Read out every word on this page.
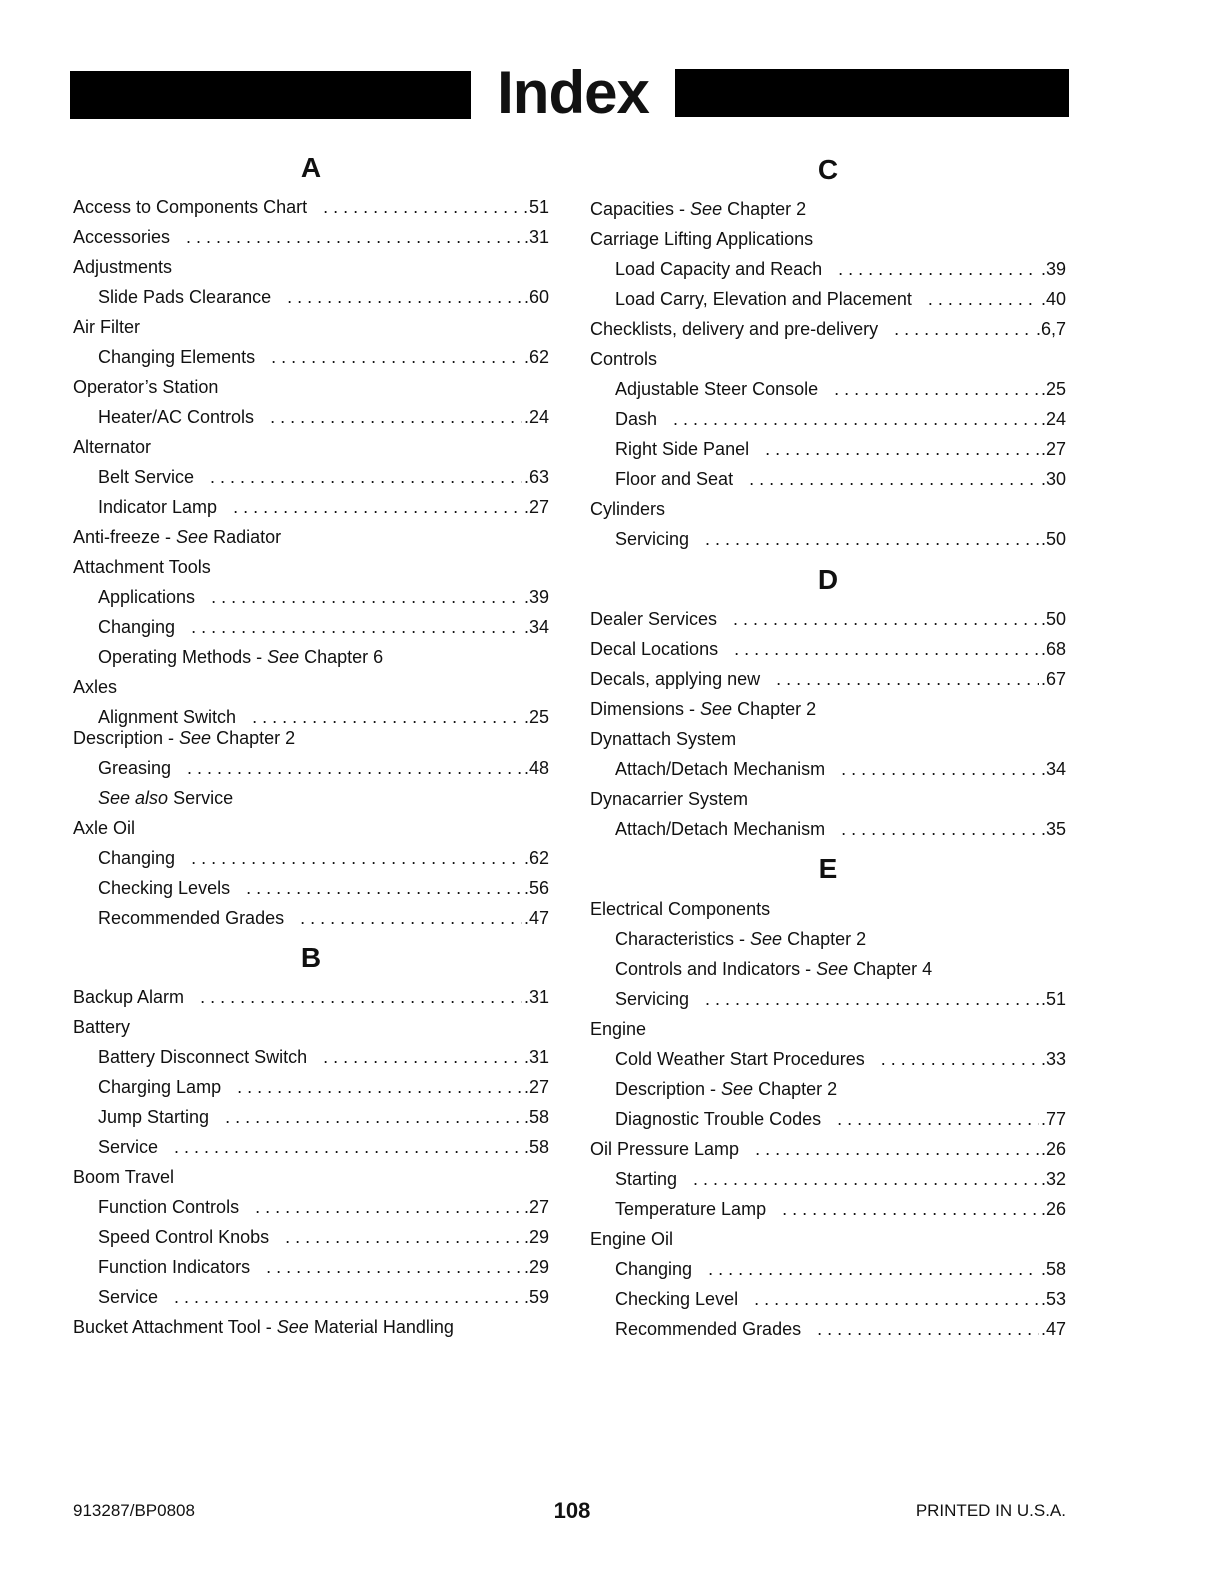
Index
A
Access to Components Chart . . .	51
Accessories . . .	.31
Adjustments
Slide Pads Clearance . . .	.60
Air Filter
Changing Elements . . .	.62
Operator’s Station
Heater/AC Controls . . .	.24
Alternator
Belt Service . . .	.63
Indicator Lamp . . .	.27
Anti-freeze - See Radiator
Attachment Tools
Applications . . .	.39
Changing . . .	.34
Operating Methods - See Chapter 6
Axles
Alignment Switch . . .	.25
Description - See Chapter 2
Greasing . . .	.48
See also Service
Axle Oil
Changing . . .	.62
Checking Levels . . .	.56
Recommended Grades . . .	.47
B
Backup Alarm . . .	.31
Battery
Battery Disconnect Switch . . .	.31
Charging Lamp . . .	.27
Jump Starting . . .	.58
Service . . .	.58
Boom Travel
Function Controls . . .	.27
Speed Control Knobs . . .	.29
Function Indicators . . .	.29
Service . . .	.59
Bucket Attachment Tool - See Material Handling
C
Capacities - See Chapter 2
Carriage Lifting Applications
Load Capacity and Reach . . .	.39
Load Carry, Elevation and Placement . . .	.40
Checklists, delivery and pre-delivery . . .	.6,7
Controls
Adjustable Steer Console . . .	.25
Dash . . .	.24
Right Side Panel . . .	.27
Floor and Seat . . .	.30
Cylinders
Servicing . . .	.50
D
Dealer Services . . .	.50
Decal Locations . . .	.68
Decals, applying new . . .	.67
Dimensions - See Chapter 2
Dynattach System
Attach/Detach Mechanism . . .	.34
Dynacarrier System
Attach/Detach Mechanism . . .	.35
E
Electrical Components
Characteristics - See Chapter 2
Controls and Indicators - See Chapter 4
Servicing . . .	.51
Engine
Cold Weather Start Procedures . . .	.33
Description - See Chapter 2
Diagnostic Trouble Codes . . .	.77
Oil Pressure Lamp . . .	.26
Starting . . .	.32
Temperature Lamp . . .	.26
Engine Oil
Changing . . .	.58
Checking Level . . .	.53
Recommended Grades . . .	.47
913287/BP0808	108	PRINTED IN U.S.A.
